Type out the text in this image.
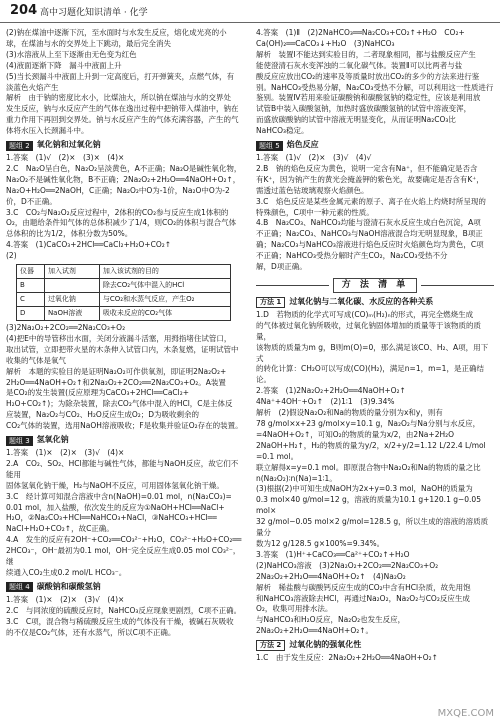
204 高中习题化知识清单 · 化学

(2)钠在煤油中逐渐下沉，至水面时与水发生反应，熔化成光亮的小

球，在煤油与水的交界处上下跳动，最后完全消失

(3)水溶液从上至下逐渐由无色变为红色

(4)液面逐渐下降　漏斗中液面上升

(5)当长颈漏斗中液面上升到一定高度后，打开弹簧夹，点燃气体，有

淡蓝色火焰产生

解析　由于钠的密度比水小，比煤油大，所以钠在煤油与水的交界处

发生反应，钠与水反应产生的气体在逸出过程中把钠带入煤油中，钠在

重力作用下再回到交界处。钠与水反应产生的气体充满容器，产生的气

体将水压入长颈漏斗中。

题组 2 氧化钠和过氧化钠

1.答案　(1)√　(2)×　(3)×　(4)×

2.C　Na₂O呈白色，Na₂O₂呈淡黄色，A不正确；Na₂O是碱性氧化物，

Na₂O₂不是碱性氧化物，B不正确；2Na₂O₂+2H₂O══4NaOH+O₂↑，

Na₂O+H₂O══2NaOH，C正确；Na₂O₂中O为-1价，Na₂O中O为-2价，D不正确。

3.C　CO₂与Na₂O₂反应过程中，2体积的CO₂参与反应生成1体积的

O₂，由题给条件知气体的总体积减少了1/4，则CO₂的体积与混合气体

总体积的比为1/2，体积分数为50%。

4.答案　(1)CaCO₃+2HCl══CaCl₂+H₂O+CO₂↑

(2)

仪器	加入试剂	加入该试剂的目的
B		除去CO₂气体中混入的HCl
C	过氧化钠	与CO₂和水蒸气反应，产生O₂
D	NaOH溶液	吸收未反应的CO₂气体

(3)2Na₂O₂+2CO₂══2Na₂CO₃+O₂

(4)把E中的导管移出水面，关闭分液漏斗活塞，用拇指堵住试管口，

取出试管，立即把带火星的木条伸入试管口内，木条复燃，证明试管中

收集的气体是氧气

解析　本题的实验目的是证明Na₂O₂可作供氧剂，即证明2Na₂O₂+

2H₂O══4NaOH+O₂↑和2Na₂O₂+2CO₂══2Na₂CO₃+O₂。A装置

是CO₂的发生装置(反应原理为CaCO₃+2HCl══CaCl₂+

H₂O+CO₂↑)；为除杂装置，除去CO₂气体中混入的HCl，C是主体反

应装置，Na₂O₂与CO₂、H₂O反应生成O₂；D为吸收剩余的

CO₂气体的装置，选用NaOH溶液吸收；F是收集并验证O₂存在的装置。

题组 3 氢氧化钠

1.答案　(1)×　(2)×　(3)√　(4)×

2.A　CO₂、SO₂、HCl都能与碱性气体，都能与NaOH反应，故它们不能用

固体氢氧化钠干燥，H₂与NaOH不反应，可用固体氢氧化钠干燥。

3.C　经计算可知混合溶液中含n(NaOH)=0.01 mol，n(Na₂CO₃)=

0.01 mol，加入盐酸，依次发生的反应为①NaOH+HCl══NaCl+

H₂O，②Na₂CO₃+HCl══NaHCO₃+NaCl，③NaHCO₃+HCl══

NaCl+H₂O+CO₂↑，故C正确。

4.A　发生的反应有2OH⁻+CO₂══CO₃²⁻+H₂O，CO₃²⁻+H₂O+CO₂══

2HCO₃⁻，OH⁻最初为0.1 mol，OH⁻完全反应生成0.05 mol CO₃²⁻，继

续通入CO₂生成0.2 mol/L HCO₃⁻。

题组 4 碳酸钠和碳酸氢钠

1.答案　(1)×　(2)×　(3)√　(4)×

2.C　与同浓度的硫酸反应时，NaHCO₃反应现象更剧烈，C项不正确。

3.C　C项，混合物与稀硫酸反应生成的气体没有干燥，被碱石灰吸收

的不仅是CO₂气体，还有水蒸气，所以C项不正确。

4.答案　(1)Ⅱ　(2)2NaHCO₃══Na₂CO₃+CO₂↑+H₂O　CO₂+

Ca(OH)₂══CaCO₃↓+H₂O　(3)NaHCO₃

解析　装置Ⅰ不能达到实验目的，二者现象相同，都与盐酸反应产生

能使澄清石灰水变浑浊的二氧化碳气体。装置Ⅱ可以比两者与盐

酸反应应放出CO₂的速率及等质量时放出CO₂的多少的方法来进行鉴

别。NaHCO₃受热易分解，Na₂CO₃受热不分解，可以利用这一性质进行

鉴别。装置Ⅳ若用来验证碳酸钠和碳酸氢钠的稳定性，应该是利用放

试管B中装入碳酸氢钠，加热时盛放碳酸氢钠的试管中溶液变浑，

而盛放碳酸钠的试管中溶液无明显变化，从而证明Na₂CO₃比

NaHCO₃稳定。

题组 5 焰色反应

1.答案　(1)√　(2)×　(3)√　(4)√

2.B　钠的焰色反应为黄色，说明一定含有Na⁺，但不能确定是否含

有K⁺，因为钠产生的黄光会掩盖钾的紫色光，故要确定是否含有K⁺，

需透过蓝色钴玻璃观察火焰颜色。

3.C　焰色反应是某些金属元素的原子、离子在火焰上灼烧时所呈现的

特殊颜色，C项中一种元素的性质。

4.B　Na₂CO₃、NaHCO₃均能与澄清石灰水反应生成白色沉淀，A项

不正确；Na₂CO₃、NaHCO₃与NaOH溶液混合均无明显现象，B项正

确；Na₂CO₃与NaHCO₃溶液进行焰色反应时火焰颜色均为黄色，C项

不正确；NaHCO₃受热分解时产生CO₂，Na₂CO₃受热不分

解，D项正确。

方 法 清 单
方法 1	过氧化钠与二氧化碳、水反应的各种关系

1.D　若物质的化学式可写成(CO)ₘ(H₂)ₙ的形式，再完全燃烧生成

的气体被过氧化钠所吸收，过氧化钠固体增加的质量等于该物质的质量，

该物质的质量为m g，B则m(O)=0，那么满足该CO、H₂、A项，用下式

的转化计算：CH₂O可以写成(CO)(H₂)，满足n=1，m=1，是正确结论。

2.答案　(1)2Na₂O₂+2H₂O══4NaOH+O₂↑

4Na⁺+4OH⁻+O₂↑　(2)1∶1　(3)9.34%

解析　(2)假设Na₂O₂和Na的物质的量分别为x和y，则有

78 g/mol×x+23 g/mol×y=10.1 g，Na₂O₂与Na分别与水反应，

=4NaOH+O₂↑，可知O₂的物质的量为x/2，由2Na+2H₂O

2NaOH+H₂↑，H₂的物质的量为y/2，x/2+y/2=1.12 L/22.4 L/mol

=0.1 mol。

联立解得x=y=0.1 mol。即原混合物中Na₂O₂和Na的物质的量之比

n(Na₂O₂)∶n(Na)=1∶1。

(3)根据(2)中可知生成NaOH为2x+y=0.3 mol，NaOH的质量为

0.3 mol×40 g/mol=12 g，溶液的质量为10.1 g+120.1 g−0.05 mol×

32 g/mol−0.05 mol×2 g/mol=128.5 g，所以生成的溶液的溶质质量分

数为12 g/128.5 g×100%=9.34%。

3.答案　(1)H⁺+CaCO₃══Ca²⁺+CO₂↑+H₂O

(2)NaHCO₃溶液　(3)2Na₂O₂+2CO₂══2Na₂CO₃+O₂

2Na₂O₂+2H₂O══4NaOH+O₂↑　(4)Na₂O₂

解析　稀盐酸与碳酸钙反应生成的CO₂中含有HCl杂质，故先用饱

和NaHCO₃溶液除去HCl，再通过Na₂O₂，Na₂O₂与CO₂反应生成

O₂，收集可用排水法。

与NaHCO₃和H₂O反应，Na₂O₂也发生反应，

2Na₂O₂+2H₂O══4NaOH+O₂↑。

方法 2	过氧化钠的强氧化性

1.C　由于发生反应：2Na₂O₂+2H₂O══4NaOH+O₂↑

MXQE.COM
